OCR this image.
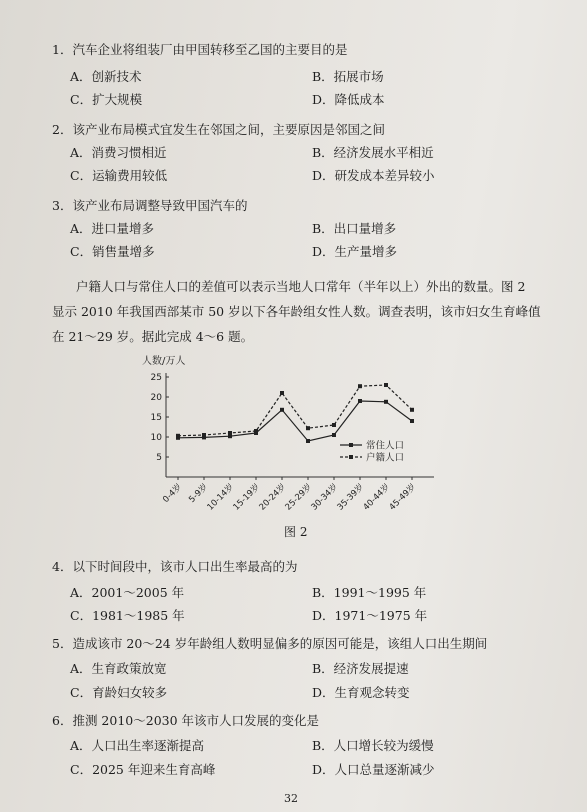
1．汽车企业将组装厂由甲国转移至乙国的主要目的是
A．创新技术	B．拓展市场
C．扩大规模	D．降低成本
2．该产业布局模式宜发生在邻国之间，主要原因是邻国之间
A．消费习惯相近	B．经济发展水平相近
C．运输费用较低	D．研发成本差异较小
3．该产业布局调整导致甲国汽车的
A．进口量增多	B．出口量增多
C．销售量增多	D．生产量增多
户籍人口与常住人口的差值可以表示当地人口常年（半年以上）外出的数量。图 2
显示 2010 年我国西部某市 50 岁以下各年龄组女性人数。调查表明，该市妇女生育峰值
在 21～29 岁。据此完成 4～6 题。
人数/万人
5
10
15
20
25
0-4岁 5-9岁
10-14岁
15-19岁
20-24岁
25-29岁
30-34岁
35-39岁
40-44岁
45-49岁
常住人口
户籍人口
图 2
4．以下时间段中，该市人口出生率最高的为
A．2001～2005 年	B．1991～1995 年
C．1981～1985 年	D．1971～1975 年
5．造成该市 20～24 岁年龄组人数明显偏多的原因可能是，该组人口出生期间
A．生育政策放宽	B．经济发展提速
C．育龄妇女较多	D．生育观念转变
6．推测 2010～2030 年该市人口发展的变化是
A．人口出生率逐渐提高	B．人口增长较为缓慢
C．2025 年迎来生育高峰	D．人口总量逐渐减少
32
